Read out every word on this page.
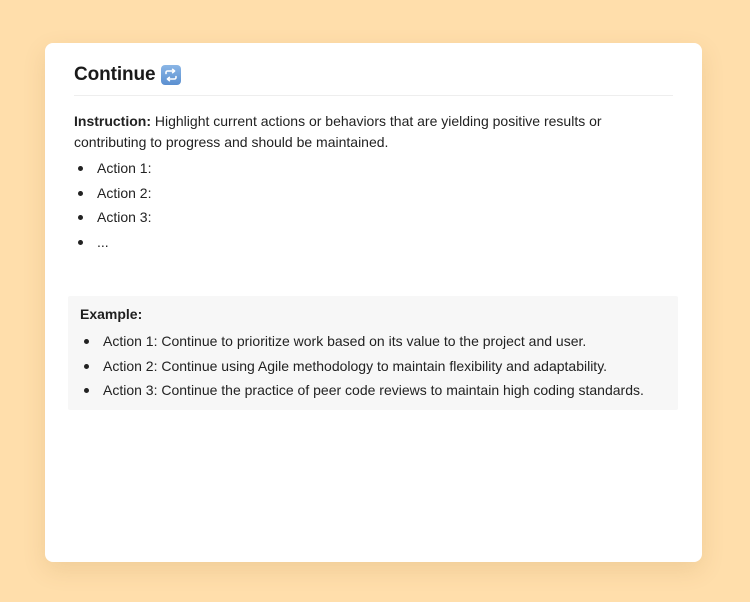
Continue
Instruction: Highlight current actions or behaviors that are yielding positive results or contributing to progress and should be maintained.
Action 1:
Action 2:
Action 3:
...
Example:
Action 1: Continue to prioritize work based on its value to the project and user.
Action 2: Continue using Agile methodology to maintain flexibility and adaptability.
Action 3: Continue the practice of peer code reviews to maintain high coding standards.
